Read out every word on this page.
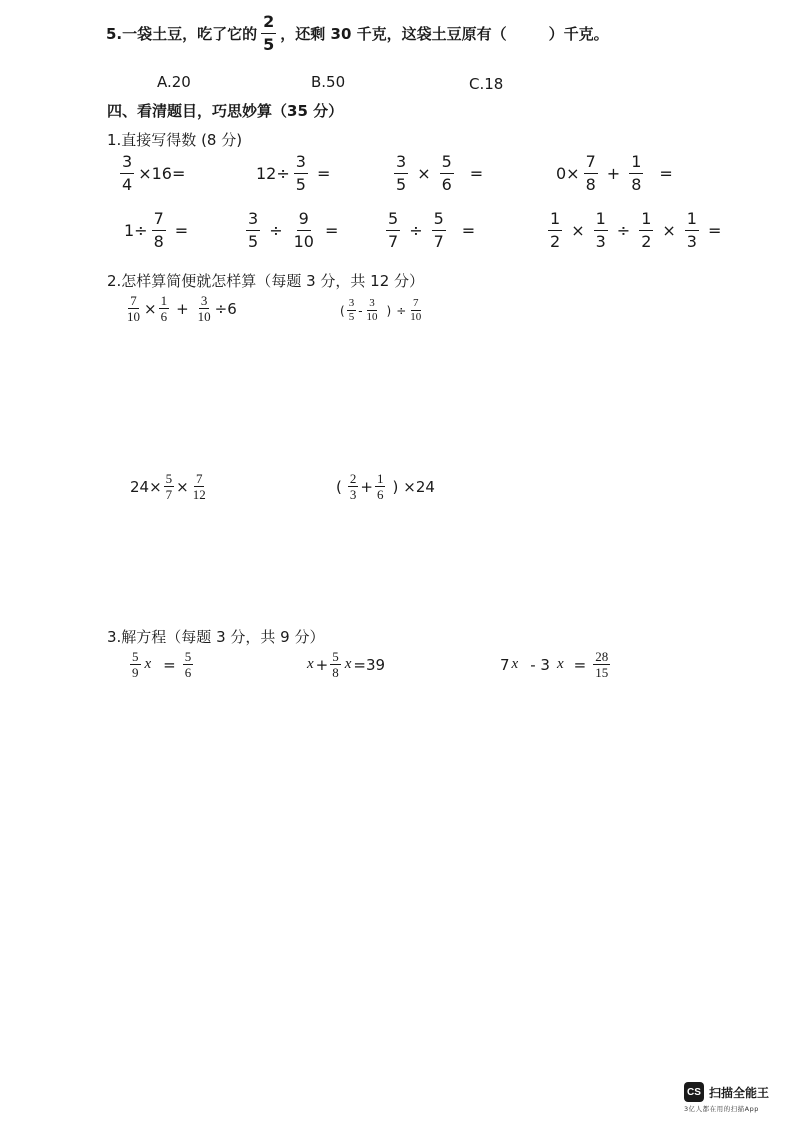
5.一袋土豆，吃了它的 $\frac{2}{5}$ ，还剩 30 千克，这袋土豆原有（	）千克。
A.20	B.50	C.18
四、看清题目，巧思妙算（35 分）
1.直接写得数 (8 分)
$\frac{3}{4} \times 16=$	$12\div \frac{3}{5}$ =	$\frac{3}{5} \times \frac{5}{6}$ =	$0\times \frac{7}{8} + \frac{1}{8}$ =
$1\div \frac{7}{8}$ =	$\frac{3}{5} \div \frac{9}{10}$ =	$\frac{5}{7} \div \frac{5}{7}$ =	$\frac{1}{2} \times \frac{1}{3} \div \frac{1}{2} \times \frac{1}{3}$ =
2.怎样算简便就怎样算（每题 3 分，共 12 分）
$\frac{7}{10} \times \frac{1}{6} + \frac{3}{10} \div 6$	( $\frac{3}{5} - \frac{3}{10}$ ) ÷ $\frac{7}{10}$
$24\times \frac{5}{7} \times \frac{7}{12}$	( $\frac{2}{3} + \frac{1}{6}$ ) ×24
3.解方程（每题 3 分，共 9 分）
$\frac{5}{9}$ $x = \frac{5}{6}$	$x + \frac{5}{8}$ x =39	7 x - 3 $x = \frac{28}{15}$
CS 扫描全能王
3亿人都在用的扫描App
